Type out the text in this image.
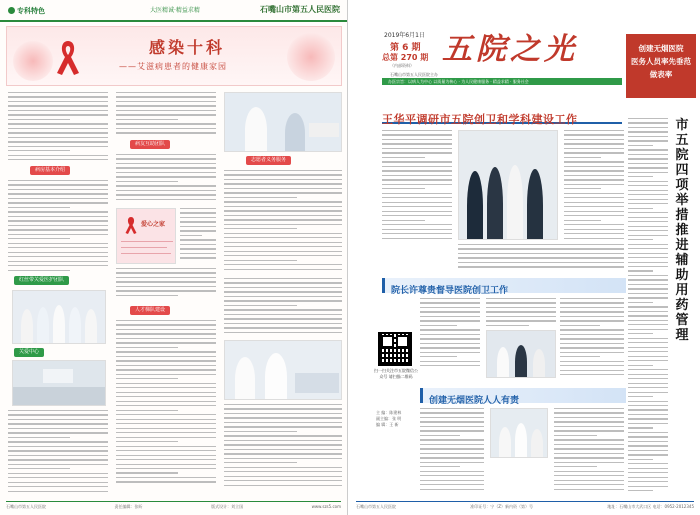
专科特色	大医精诚·精益求精	石嘴山市第五人民医院
感染十科
——艾滋病患者的健康家园
病房基本介绍
红丝带关爱医护团队
关爱中心
病友互助团队
爱心之家
人才梯队建设
志愿者义务服务
石嘴山市第五人民医院	责任编辑：张昕	版式设计：刘立国	www.szs5.com
2019年6月1日
第 6 期
总第 270 期
（内部资料） 五院之光
石嘴山市第五人民医院主办
办医宗旨：以病人为中心 以质量为核心 · 为人民健康服务 · 精益求精 · 服务社会
创建无烟医院
医务人员率先垂范
做表率
王华平调研市五院创卫和学科建设工作	市五院四项举措推进辅助用药管理
院长许尊贵督导医院创卫工作
扫一扫关注市五院微信公众号 请扫描二维码
创建无烟医院人人有责
主 编：陈建林
副主编：张 明
编 辑：王 新
石嘴山市第五人民医院	准印证号：宁（Z）新内资（第）号	地址：石嘴山市大武口区 电话：0952-2012345
